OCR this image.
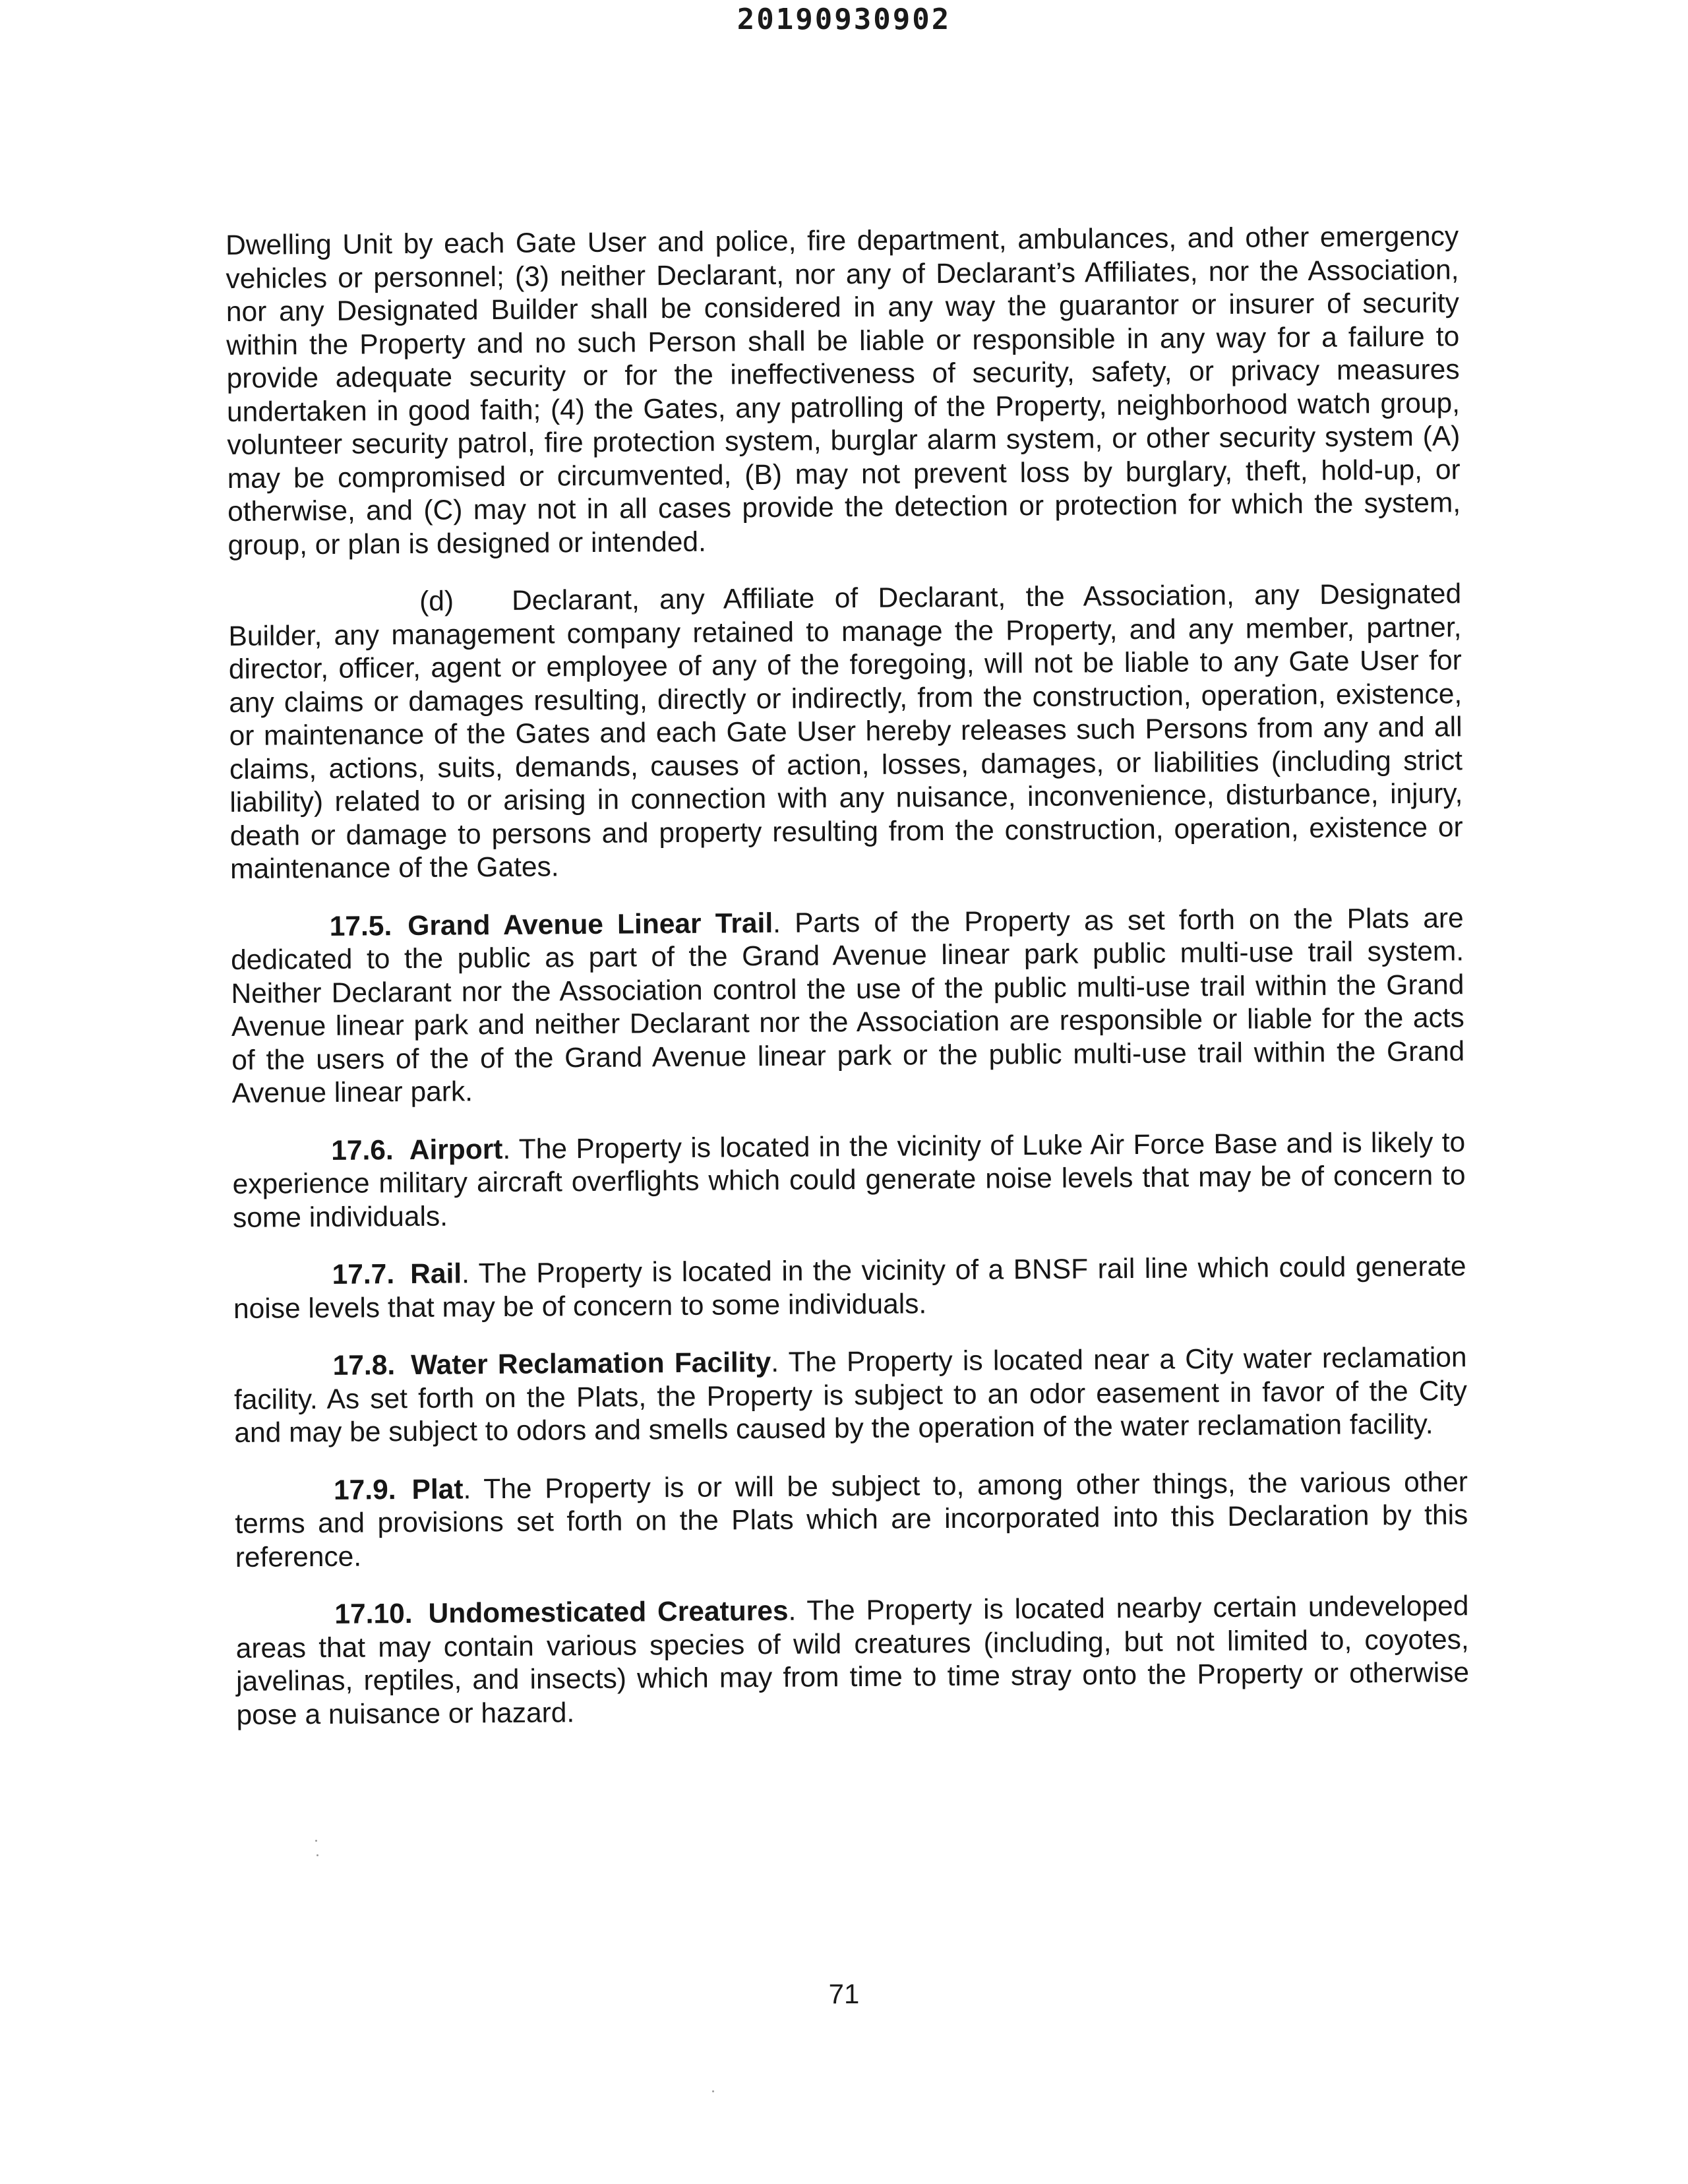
20190930902

Dwelling Unit by each Gate User and police, fire department, ambulances, and other emergency vehicles or personnel; (3) neither Declarant, nor any of Declarant’s Affiliates, nor the Association, nor any Designated Builder shall be considered in any way the guarantor or insurer of security within the Property and no such Person shall be liable or responsible in any way for a failure to provide adequate security or for the ineffectiveness of security, safety, or privacy measures undertaken in good faith; (4) the Gates, any patrolling of the Property, neighborhood watch group, volunteer security patrol, fire protection system, burglar alarm system, or other security system (A) may be compromised or circumvented, (B) may not prevent loss by burglary, theft, hold-up, or otherwise, and (C) may not in all cases provide the detection or protection for which the system, group, or plan is designed or intended.

(d) Declarant, any Affiliate of Declarant, the Association, any Designated Builder, any management company retained to manage the Property, and any member, partner, director, officer, agent or employee of any of the foregoing, will not be liable to any Gate User for any claims or damages resulting, directly or indirectly, from the construction, operation, existence, or maintenance of the Gates and each Gate User hereby releases such Persons from any and all claims, actions, suits, demands, causes of action, losses, damages, or liabilities (including strict liability) related to or arising in connection with any nuisance, inconvenience, disturbance, injury, death or damage to persons and property resulting from the construction, operation, existence or maintenance of the Gates.

17.5. Grand Avenue Linear Trail. Parts of the Property as set forth on the Plats are dedicated to the public as part of the Grand Avenue linear park public multi-use trail system. Neither Declarant nor the Association control the use of the public multi-use trail within the Grand Avenue linear park and neither Declarant nor the Association are responsible or liable for the acts of the users of the of the Grand Avenue linear park or the public multi-use trail within the Grand Avenue linear park.

17.6. Airport. The Property is located in the vicinity of Luke Air Force Base and is likely to experience military aircraft overflights which could generate noise levels that may be of concern to some individuals.

17.7. Rail. The Property is located in the vicinity of a BNSF rail line which could generate noise levels that may be of concern to some individuals.

17.8. Water Reclamation Facility. The Property is located near a City water reclamation facility. As set forth on the Plats, the Property is subject to an odor easement in favor of the City and may be subject to odors and smells caused by the operation of the water reclamation facility.

17.9. Plat. The Property is or will be subject to, among other things, the various other terms and provisions set forth on the Plats which are incorporated into this Declaration by this reference.

17.10. Undomesticated Creatures. The Property is located nearby certain undeveloped areas that may contain various species of wild creatures (including, but not limited to, coyotes, javelinas, reptiles, and insects) which may from time to time stray onto the Property or otherwise pose a nuisance or hazard.

71
